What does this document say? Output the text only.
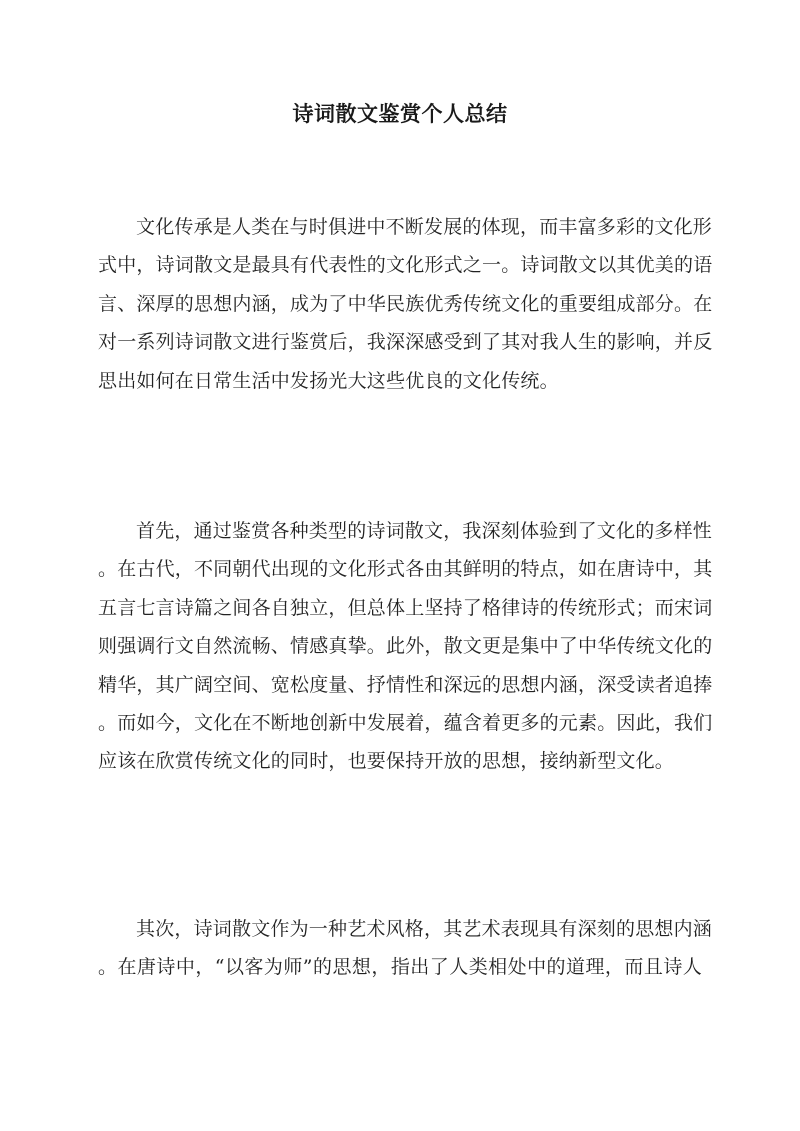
诗词散文鉴赏个人总结
文化传承是人类在与时俱进中不断发展的体现，而丰富多彩的文化形
式中，诗词散文是最具有代表性的文化形式之一。诗词散文以其优美的语
言、深厚的思想内涵，成为了中华民族优秀传统文化的重要组成部分。在
对一系列诗词散文进行鉴赏后，我深深感受到了其对我人生的影响，并反
思出如何在日常生活中发扬光大这些优良的文化传统。
首先，通过鉴赏各种类型的诗词散文，我深刻体验到了文化的多样性
。在古代，不同朝代出现的文化形式各由其鲜明的特点，如在唐诗中，其
五言七言诗篇之间各自独立，但总体上坚持了格律诗的传统形式；而宋词
则强调行文自然流畅、情感真挚。此外，散文更是集中了中华传统文化的
精华，其广阔空间、宽松度量、抒情性和深远的思想内涵，深受读者追捧
。而如今，文化在不断地创新中发展着，蕴含着更多的元素。因此，我们
应该在欣赏传统文化的同时，也要保持开放的思想，接纳新型文化。
其次，诗词散文作为一种艺术风格，其艺术表现具有深刻的思想内涵
。在唐诗中，“以客为师”的思想，指出了人类相处中的道理，而且诗人
